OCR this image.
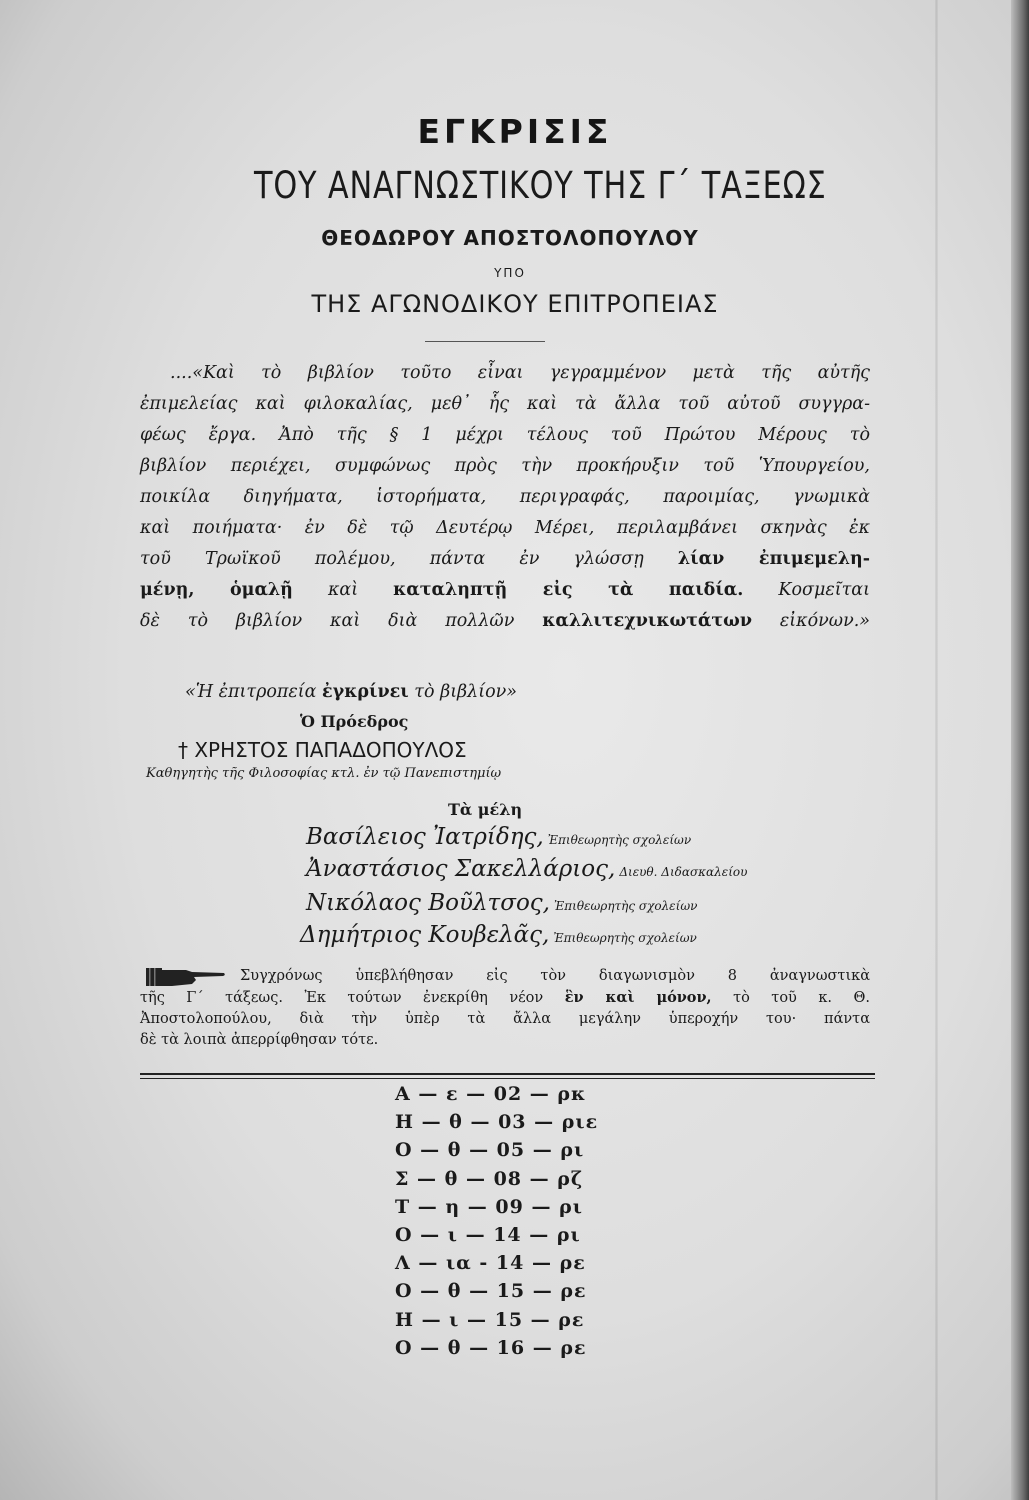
ΕΓΚΡΙΣΙΣ
ΤΟΥ ΑΝΑΓΝΩΣΤΙΚΟΥ ΤΗΣ Γ΄ ΤΑΞΕΩΣ
ΘΕΟΔΩΡΟΥ ΑΠΟΣΤΟΛΟΠΟΥΛΟΥ
ΥΠΟ
ΤΗΣ ΑΓΩΝΟΔΙΚΟΥ ΕΠΙΤΡΟΠΕΙΑΣ
....«Καὶ τὸ βιβλίον τοῦτο εἶναι γεγραμμένον μετὰ τῆς αὐτῆς
ἐπιμελείας καὶ φιλοκαλίας, μεθ᾽ ἧς καὶ τὰ ἄλλα τοῦ αὐτοῦ συγγρα-
φέως ἔργα. Ἀπὸ τῆς § 1 μέχρι τέλους τοῦ Πρώτου Μέρους τὸ
βιβλίον περιέχει, συμφώνως πρὸς τὴν προκήρυξιν τοῦ Ὑπουργείου,
ποικίλα διηγήματα, ἱστορήματα, περιγραφάς, παροιμίας, γνωμικὰ
καὶ ποιήματα· ἐν δὲ τῷ Δευτέρῳ Μέρει, περιλαμβάνει σκηνὰς ἐκ
τοῦ Τρωϊκοῦ πολέμου, πάντα ἐν γλώσσῃ λίαν ἐπιμεμελη-
μένῃ, ὁμαλῇ καὶ καταληπτῇ εἰς τὰ παιδία. Κοσμεῖται
δὲ τὸ βιβλίον καὶ διὰ πολλῶν καλλιτεχνικωτάτων εἰκόνων.»
«Ἡ ἐπιτροπεία ἐγκρίνει τὸ βιβλίον»
Ὁ Πρόεδρος
† ΧΡΗΣΤΟΣ ΠΑΠΑΔΟΠΟΥΛΟΣ
Καθηγητὴς τῆς Φιλοσοφίας κτλ. ἐν τῷ Πανεπιστημίῳ
Τὰ μέλη
Βασίλειος Ἰατρίδης, Ἐπιθεωρητὴς σχολείων
Ἀναστάσιος Σακελλάριος, Διευθ. Διδασκαλείου
Νικόλαος Βοῦλτσος, Ἐπιθεωρητὴς σχολείων
Δημήτριος Κουβελᾶς, Ἐπιθεωρητὴς σχολείων
Συγχρόνως ὑπεβλήθησαν εἰς τὸν διαγωνισμὸν 8 ἀναγνωστικὰ
τῆς Γ΄ τάξεως. Ἐκ τούτων ἐνεκρίθη νέον ἓν καὶ μόνον, τὸ τοῦ κ. Θ.
Ἀποστολοπούλου, διὰ τὴν ὑπὲρ τὰ ἄλλα μεγάλην ὑπεροχήν του· πάντα
δὲ τὰ λοιπὰ ἀπερρίφθησαν τότε.
Α — ε — 02 — ρκ
Η — θ — 03 — ριε
Ο — θ — 05 — ρι
Σ — θ — 08 — ρζ
Τ — η — 09 — ρι
Ο — ι — 14 — ρι
Λ — ια - 14 — ρε
Ο — θ — 15 — ρε
Η — ι — 15 — ρε
Ο — θ — 16 — ρε
